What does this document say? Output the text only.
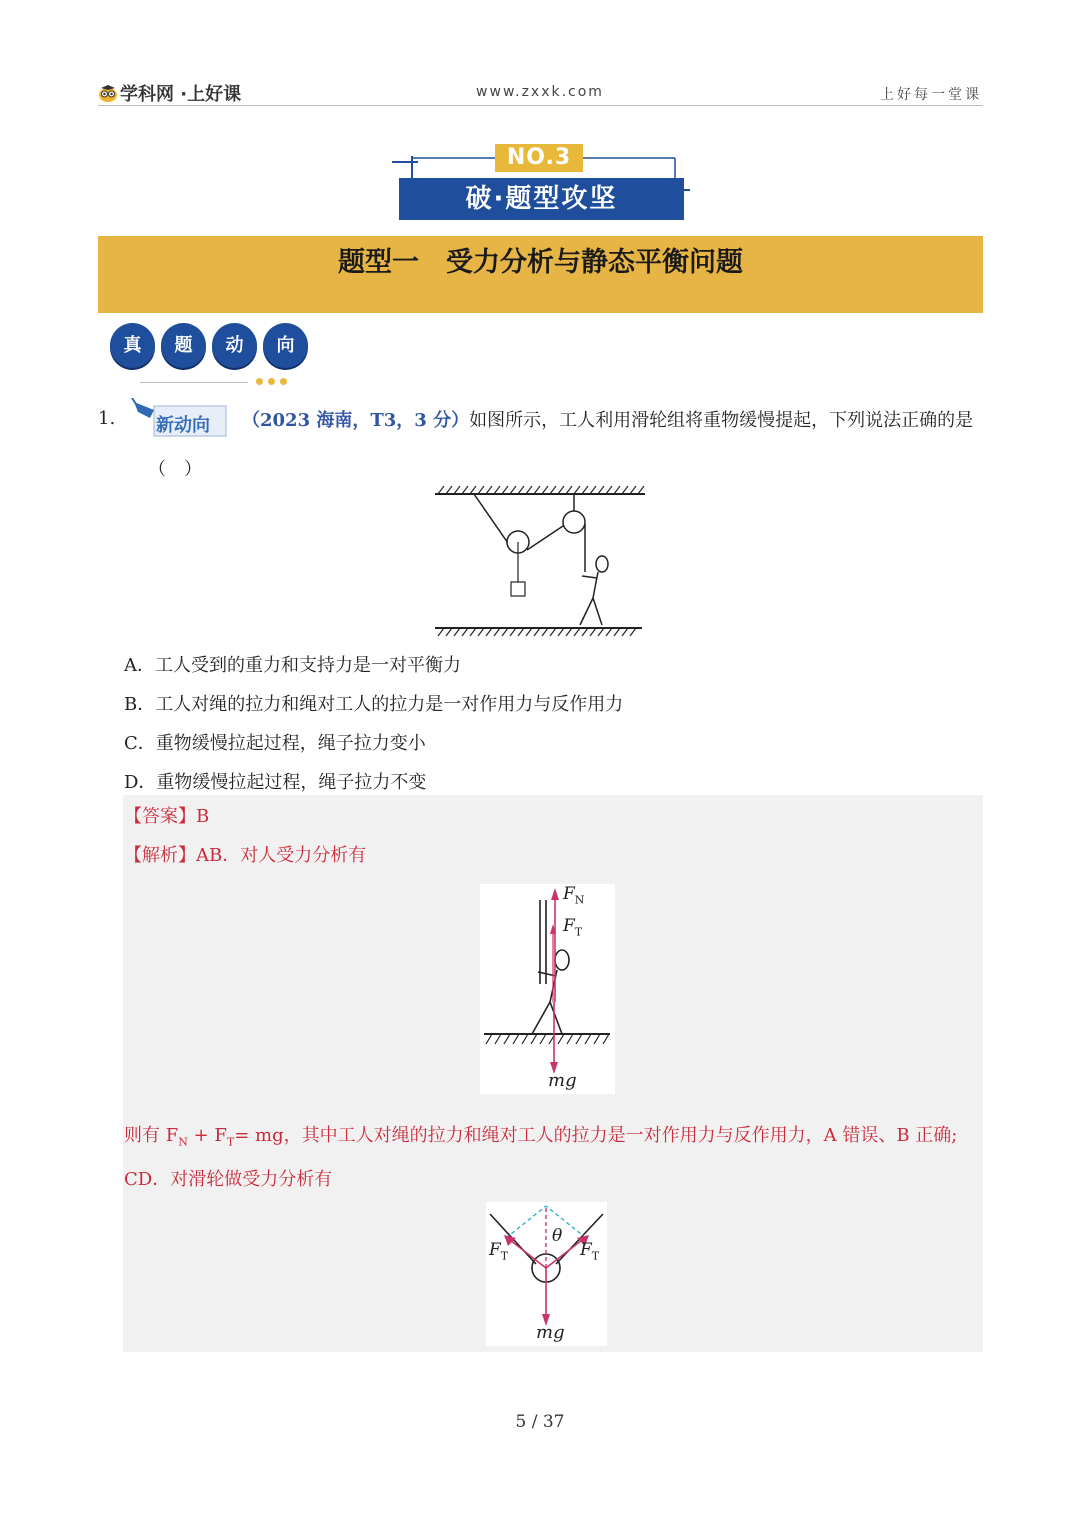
学科网 ·上好课	www.zxxk.com	上好每一堂课
NO.3
破·题型攻坚
题型一　受力分析与静态平衡问题
真	题	动	向
1. 新动向 （2023 海南，T3，3 分）如图所示，工人利用滑轮组将重物缓慢提起，下列说法正确的是
（　）
A．工人受到的重力和支持力是一对平衡力
B．工人对绳的拉力和绳对工人的拉力是一对作用力与反作用力
C．重物缓慢拉起过程，绳子拉力变小
D．重物缓慢拉起过程，绳子拉力不变
【答案】B
【解析】AB．对人受力分析有
$F_N$
$F_T$
mg
则有 $F_N + F_T=$ mg，其中工人对绳的拉力和绳对工人的拉力是一对作用力与反作用力，A 错误、B 正确;
CD．对滑轮做受力分析有
$F_T$
θ
$F_T$
mg
5 / 37
